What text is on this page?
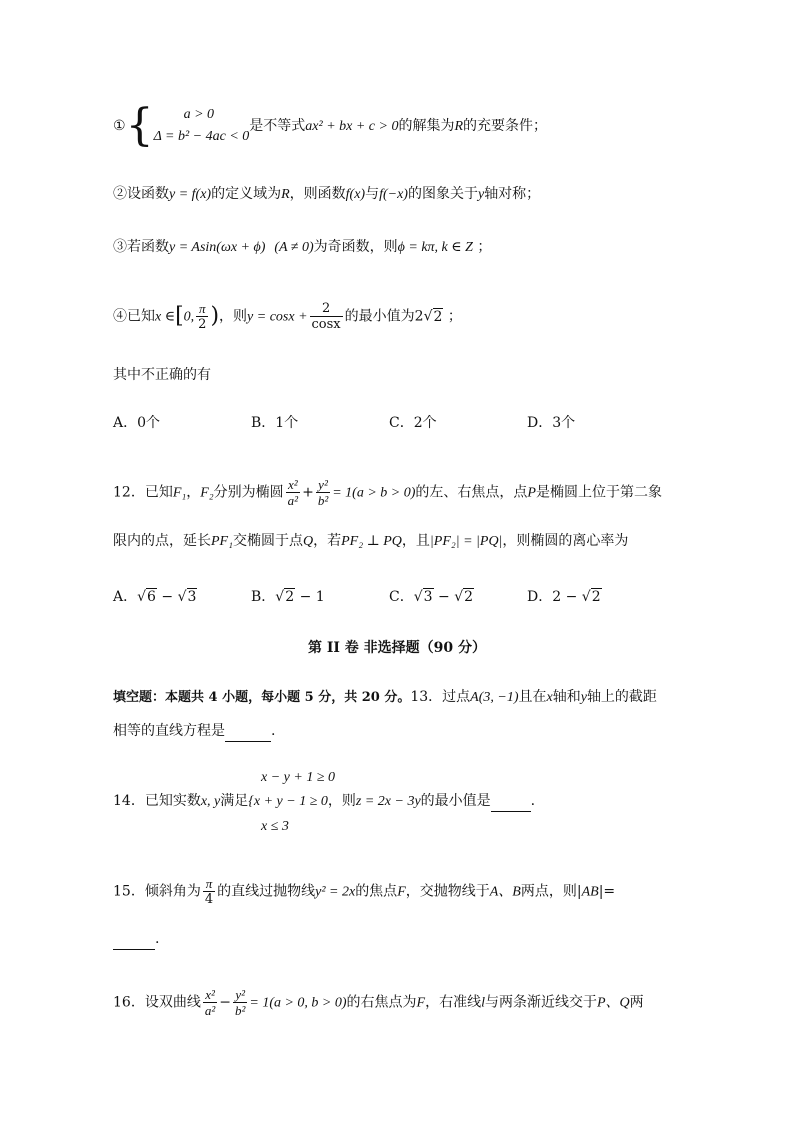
①{	a > 0
Δ = b² − 4ac < 0
是不等式ax² + bx + c > 0的解集为R的充要条件；
②设函数y = f(x)的定义域为R，则函数f(x)与f(−x)的图象关于y轴对称；
③若函数y = Asin(ωx + ϕ) (A ≠ 0)为奇函数，则ϕ = kπ, k ∈ Z ；
④已知x ∈[0, $\frac{\pi}{2}$ )，则$y = \cos x + \frac{2}{\cos x}$ 的最小值为2√2 ；
其中不正确的有
A．0个	B．1个	C．2个	D．3个
12．已知F₁，F₂分别为椭圆 $\frac{\text{x²}}{\text{a²}} + \frac{\text{y²}}{\text{b²}} = 1(a > b > 0)$的左、右焦点，点P是椭圆上位于第二象
限内的点，延长PF₁交椭圆于点Q，若PF₂ ⊥ PQ，且|PF₂| = |PQ|，则椭圆的离心率为
A．√6 − √3	B．√2 − 1	C．√3 − √2	D．2 − √2
第 II 卷 非选择题（90 分）
填空题：本题共 4 小题，每小题 5 分，共 20 分。13．过点A(3, −1)且在x轴和y轴上的截距
相等的直线方程是	.
x − y + 1 ≥ 0
14．已知实数x, y满足{x + y − 1 ≥ 0，则z = 2x − 3y的最小值是	.
x ≤ 3
15．倾斜角为 $\frac{\pi}{4}$ 的直线过抛物线y² = 2x的焦点F，交抛物线于A、B两点，则|AB|=
.
16．设双曲线 $\frac{\text{x²}}{\text{a²}} - \frac{\text{y²}}{\text{b²}} = 1(a > 0$, b > 0)的右焦点为F，右准线l与两条渐近线交于P、Q两
